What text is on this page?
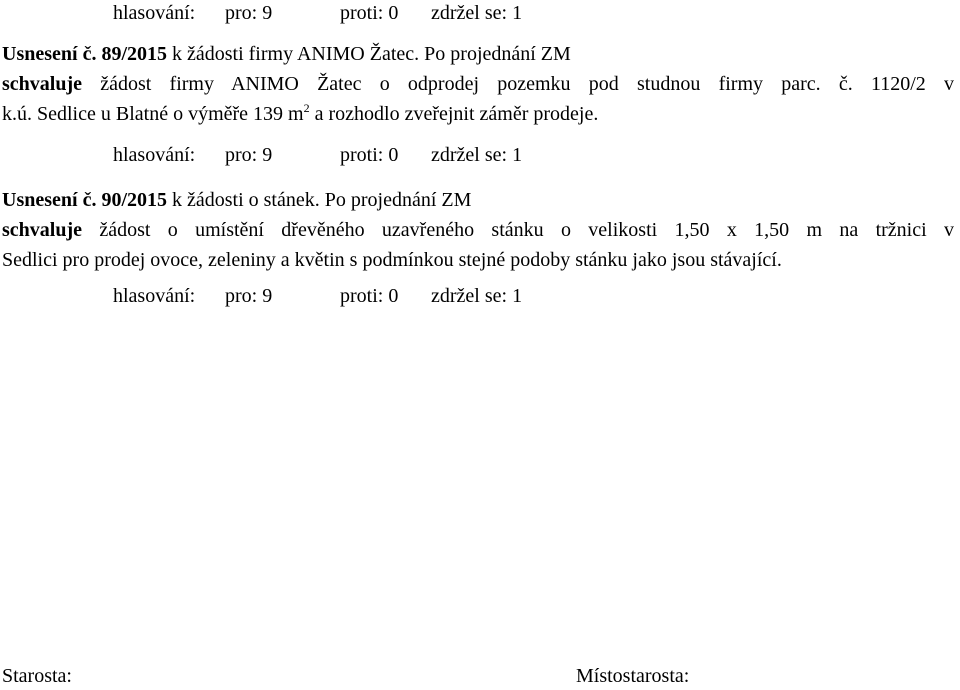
hlasování: pro: 9	proti: 0 zdržel se: 1
Usnesení č. 89/2015 k žádosti firmy ANIMO Žatec. Po projednání ZM
schvaluje žádost firmy ANIMO Žatec o odprodej pozemku pod studnou firmy parc. č. 1120/2 v
k.ú. Sedlice u Blatné o výměře 139 $m^2$ a rozhodlo zveřejnit záměr prodeje.
hlasování: pro: 9	proti: 0 zdržel se: 1
Usnesení č. 90/2015 k žádosti o stánek. Po projednání ZM
schvaluje žádost o umístění dřevěného uzavřeného stánku o velikosti 1,50 x 1,50 m na tržnici v
Sedlici pro prodej ovoce, zeleniny a květin s podmínkou stejné podoby stánku jako jsou stávající.
hlasování: pro: 9	proti: 0 zdržel se: 1
Starosta:	Místostarosta:
